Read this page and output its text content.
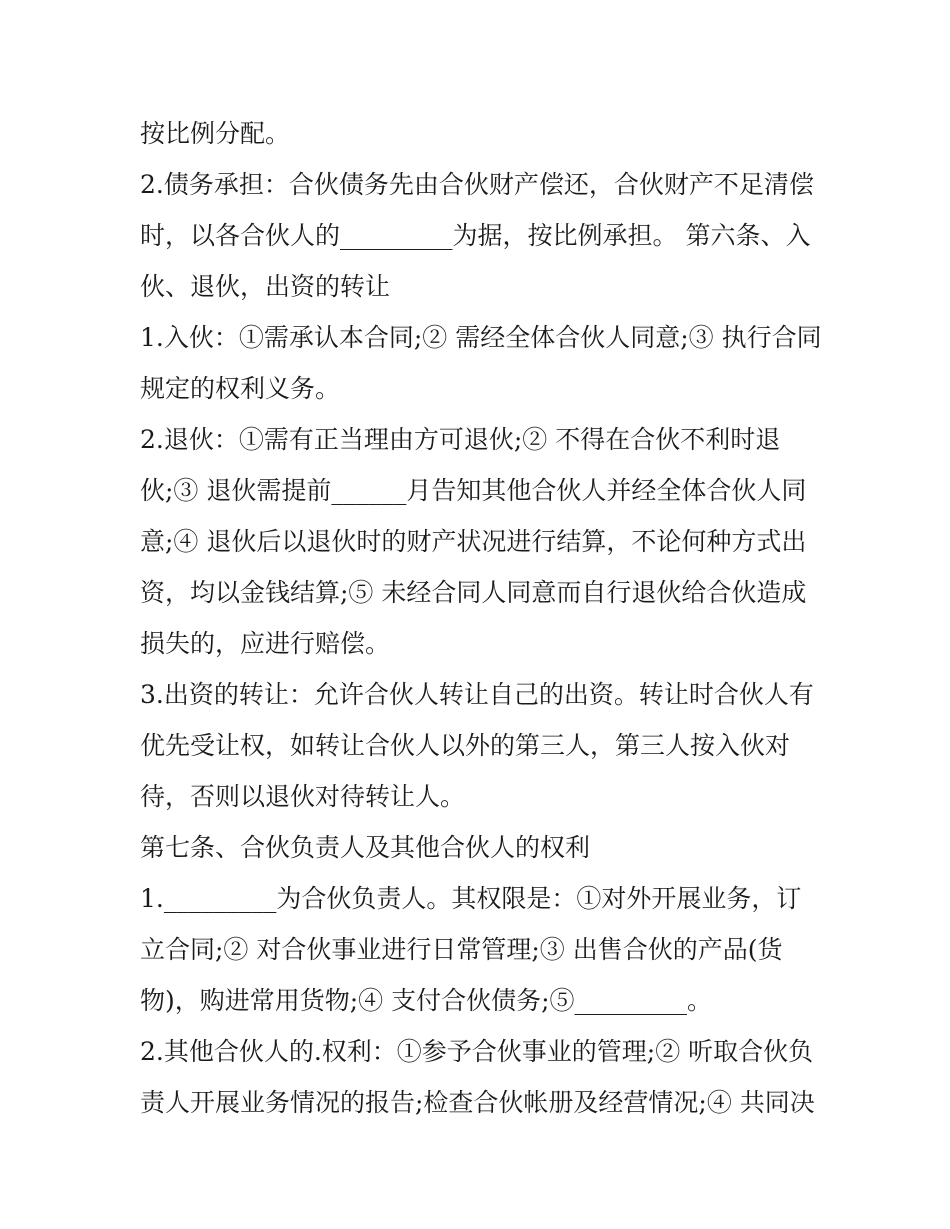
按比例分配。
2.债务承担：合伙债务先由合伙财产偿还，合伙财产不足清偿
时，以各合伙人的_________为据，按比例承担。 第六条、入
伙、退伙，出资的转让
1.入伙：①需承认本合同;② 需经全体合伙人同意;③ 执行合同
规定的权利义务。
2.退伙：①需有正当理由方可退伙;② 不得在合伙不利时退
伙;③ 退伙需提前______月告知其他合伙人并经全体合伙人同
意;④ 退伙后以退伙时的财产状况进行结算，不论何种方式出
资，均以金钱结算;⑤ 未经合同人同意而自行退伙给合伙造成
损失的，应进行赔偿。
3.出资的转让：允许合伙人转让自己的出资。转让时合伙人有
优先受让权，如转让合伙人以外的第三人，第三人按入伙对
待，否则以退伙对待转让人。
第七条、合伙负责人及其他合伙人的权利
1._________为合伙负责人。其权限是：①对外开展业务，订
立合同;② 对合伙事业进行日常管理;③ 出售合伙的产品(货
物)，购进常用货物;④ 支付合伙债务;⑤_________。
2.其他合伙人的.权利：①参予合伙事业的管理;② 听取合伙负
责人开展业务情况的报告;检查合伙帐册及经营情况;④ 共同决
